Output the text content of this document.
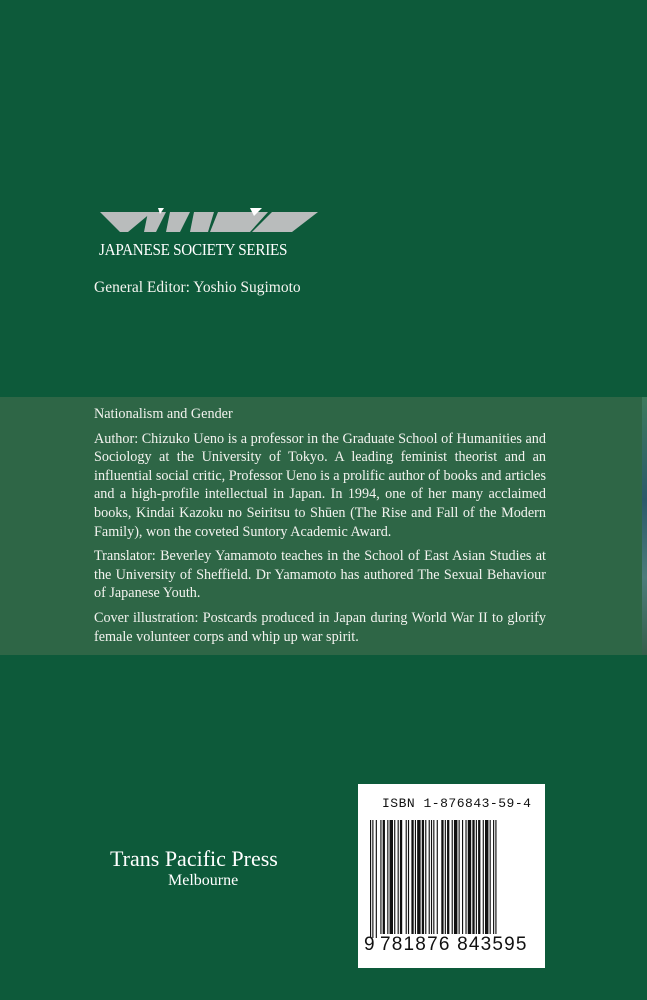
JAPANESE SOCIETY SERIES
General Editor: Yoshio Sugimoto

Nationalism and Gender

Author: Chizuko Ueno is a professor in the Graduate School of Humanities and Sociology at the University of Tokyo. A leading feminist theorist and an influential social critic, Professor Ueno is a prolific author of books and articles and a high-profile intellectual in Japan. In 1994, one of her many acclaimed books, Kindai Kazoku no Seiritsu to Shūen (The Rise and Fall of the Modern Family), won the coveted Suntory Academic Award.

Translator: Beverley Yamamoto teaches in the School of East Asian Studies at the University of Sheffield. Dr Yamamoto has authored The Sexual Behaviour of Japanese Youth.

Cover illustration: Postcards produced in Japan during World War II to glorify female volunteer corps and whip up war spirit.

Trans Pacific Press
Melbourne
ISBN 1-876843-59-4
9 781876 843595
